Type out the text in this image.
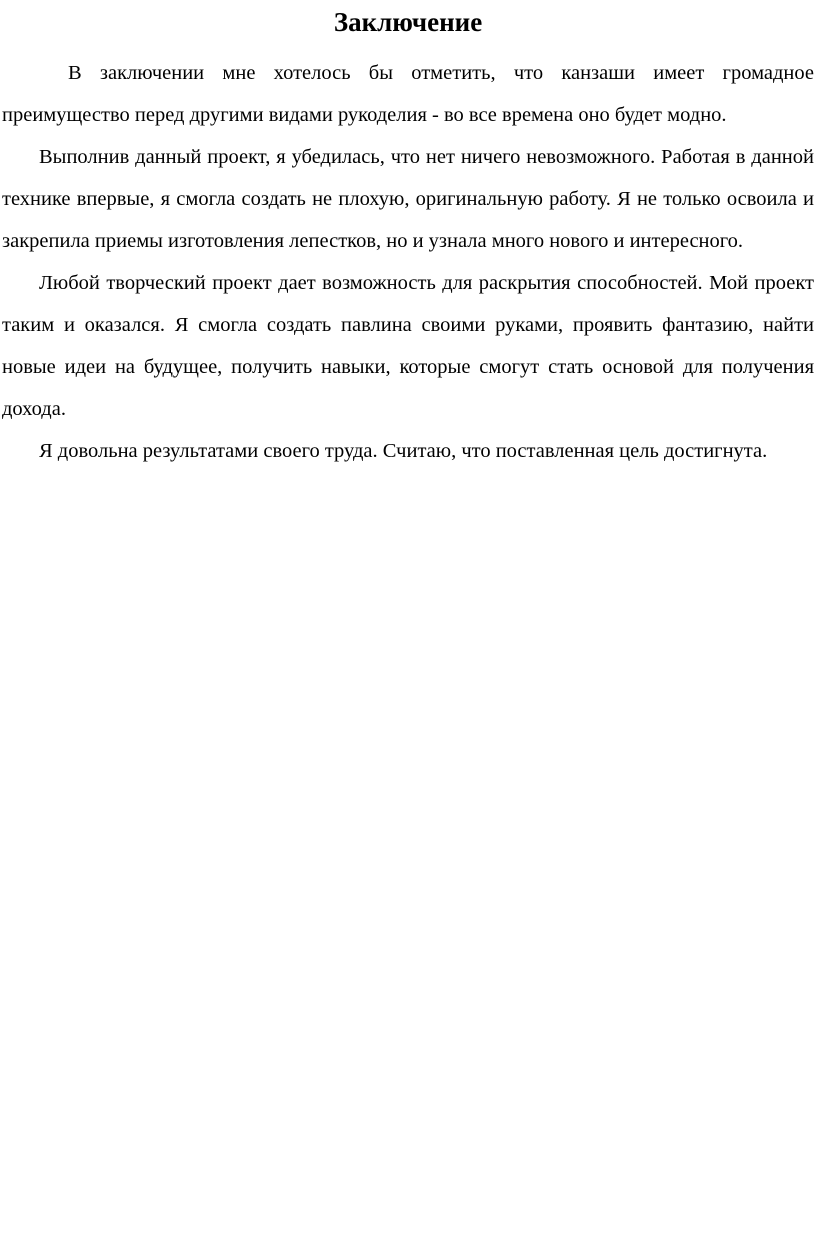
Заключение

В заключении мне хотелось бы отметить, что канзаши имеет громадное преимущество перед другими видами рукоделия - во все времена оно будет модно.

Выполнив данный проект, я убедилась, что нет ничего невозможного. Работая в данной технике впервые, я смогла создать не плохую, оригинальную работу. Я не только освоила и закрепила приемы изготовления лепестков, но и узнала много нового и интересного.

Любой творческий проект дает возможность для раскрытия способностей. Мой проект таким и оказался. Я смогла создать павлина своими руками, проявить фантазию, найти новые идеи на будущее, получить навыки, которые смогут стать основой для получения дохода.

Я довольна результатами своего труда. Считаю, что поставленная цель достигнута.
